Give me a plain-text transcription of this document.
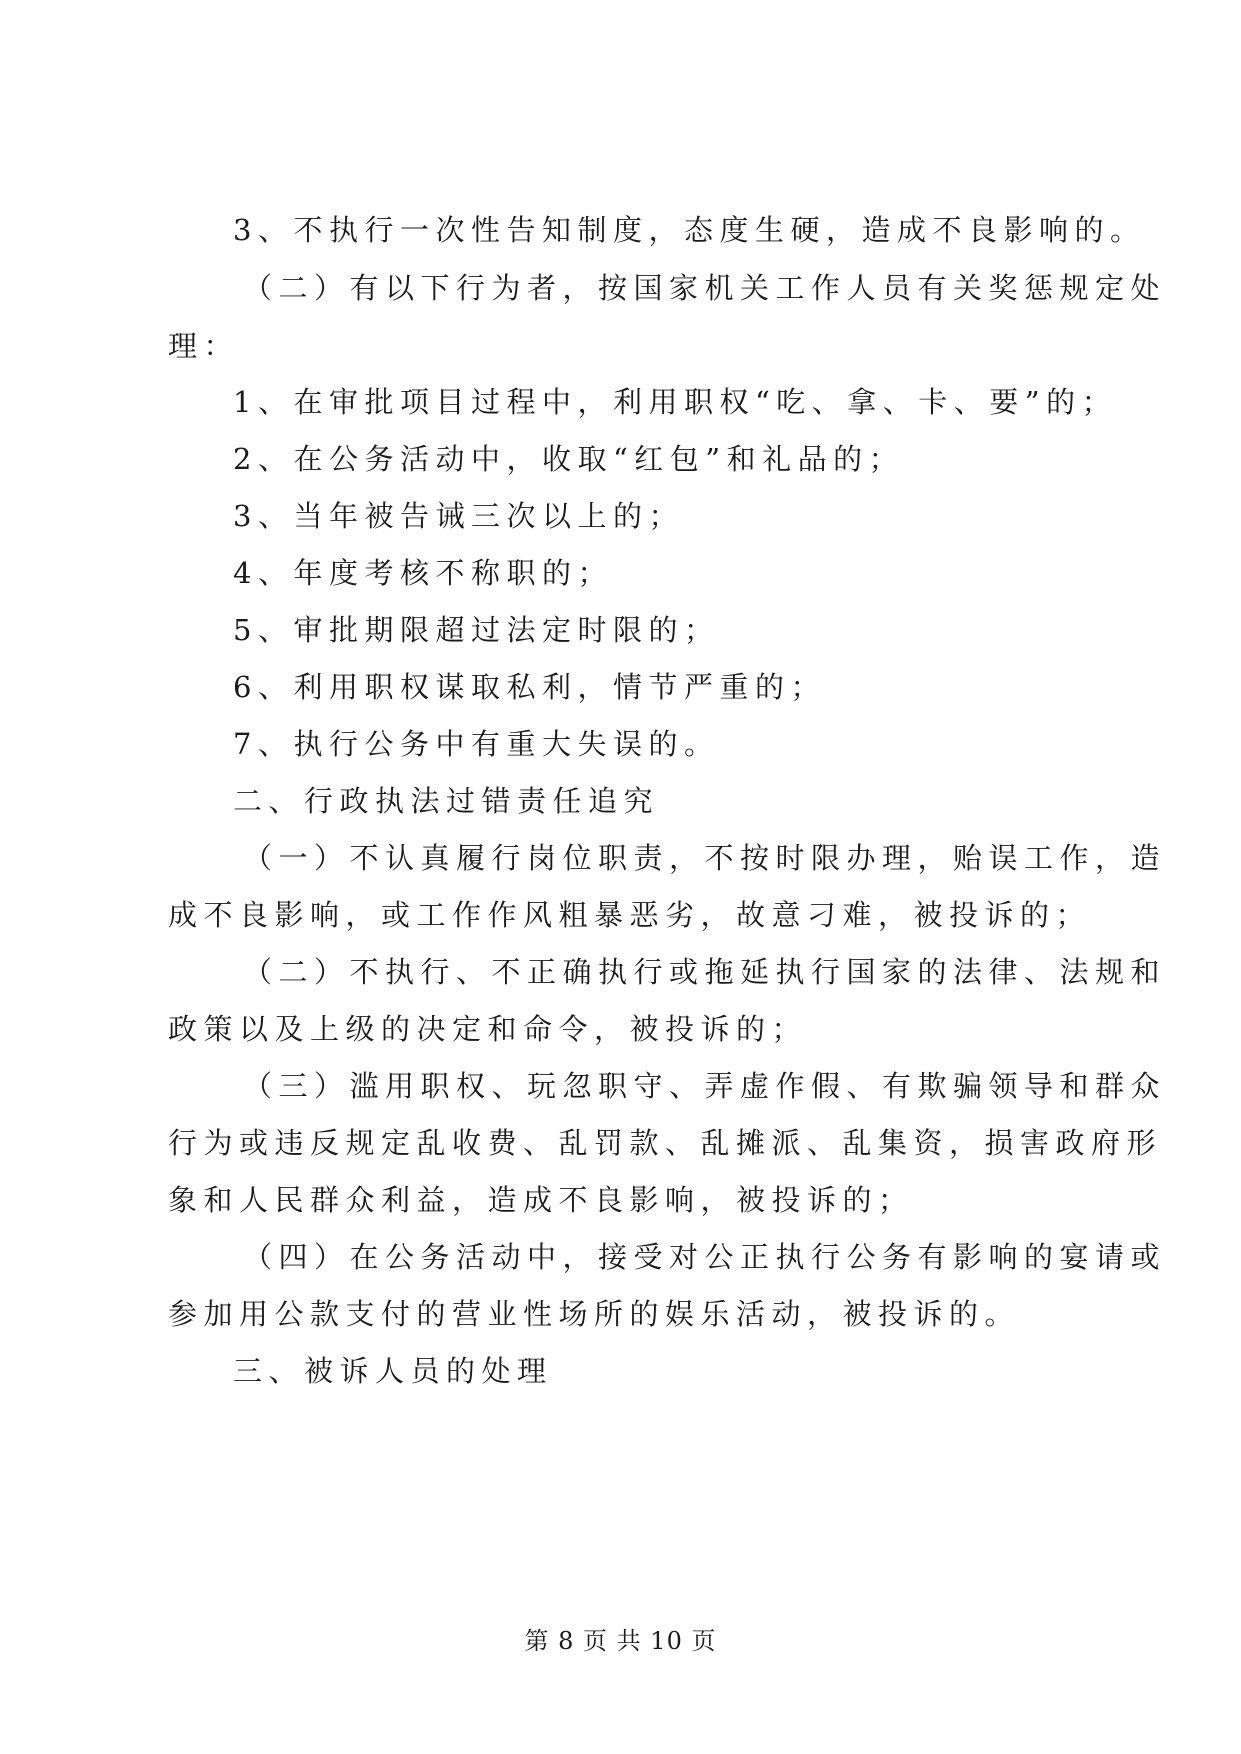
3、不执行一次性告知制度，态度生硬，造成不良影响的。
（二）有以下行为者，按国家机关工作人员有关奖惩规定处
理：
1、在审批项目过程中，利用职权“吃、拿、卡、要”的；
2、在公务活动中，收取“红包”和礼品的；
3、当年被告诫三次以上的；
4、年度考核不称职的；
5、审批期限超过法定时限的；
6、利用职权谋取私利，情节严重的；
7、执行公务中有重大失误的。
二、行政执法过错责任追究
（一）不认真履行岗位职责，不按时限办理，贻误工作，造
成不良影响，或工作作风粗暴恶劣，故意刁难，被投诉的；
（二）不执行、不正确执行或拖延执行国家的法律、法规和
政策以及上级的决定和命令，被投诉的；
（三）滥用职权、玩忽职守、弄虚作假、有欺骗领导和群众
行为或违反规定乱收费、乱罚款、乱摊派、乱集资，损害政府形
象和人民群众利益，造成不良影响，被投诉的；
（四）在公务活动中，接受对公正执行公务有影响的宴请或
参加用公款支付的营业性场所的娱乐活动，被投诉的。
三、被诉人员的处理
第 8 页 共 10 页
